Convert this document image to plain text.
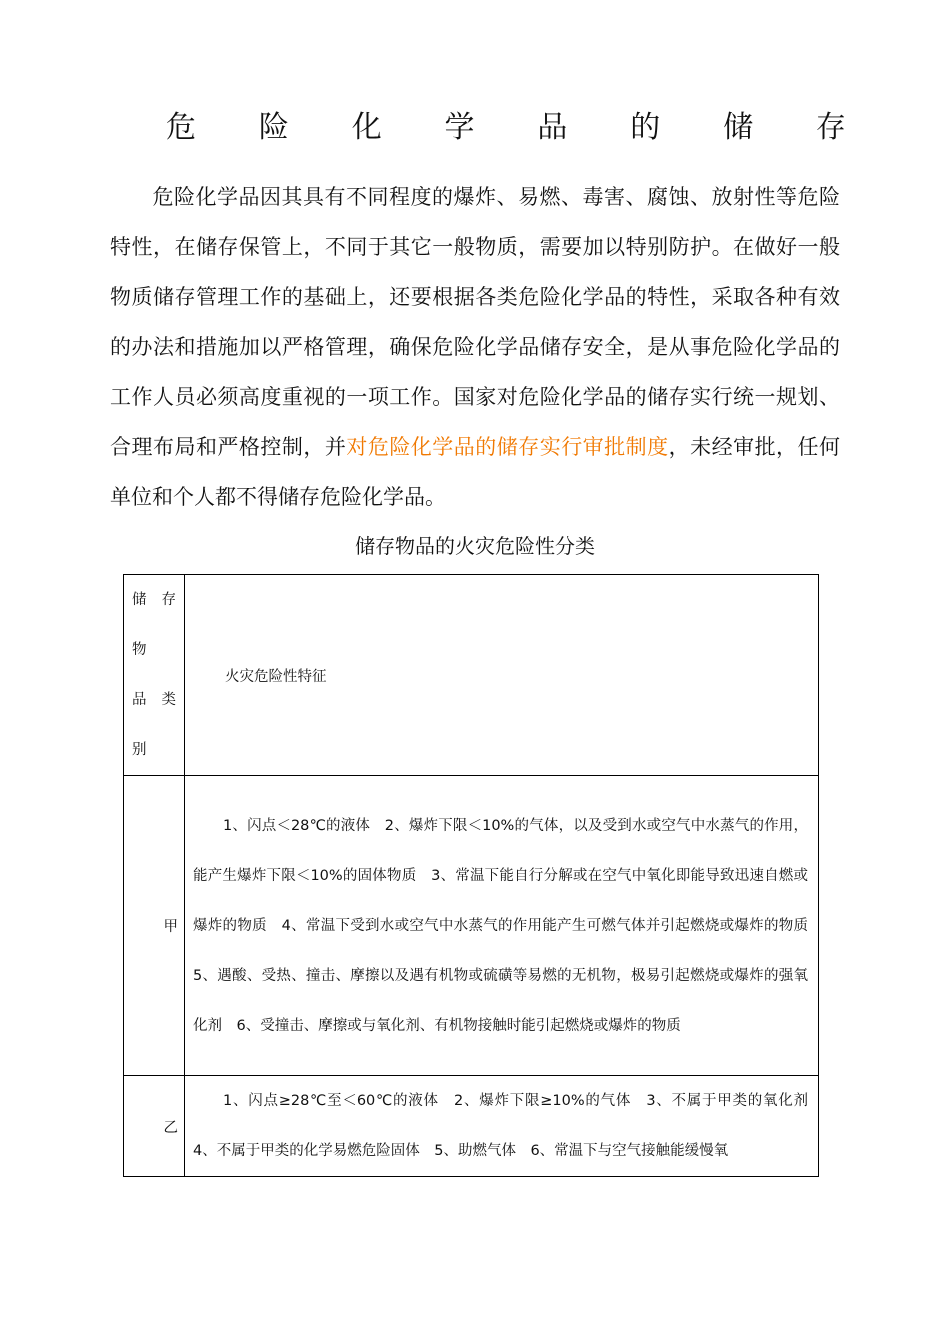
危 险 化 学 品 的 储 存
危险化学品因其具有不同程度的爆炸、易燃、毒害、腐蚀、放射性等危险特性，在储存保管上，不同于其它一般物质，需要加以特别防护。在做好一般物质储存管理工作的基础上，还要根据各类危险化学品的特性，采取各种有效的办法和措施加以严格管理，确保危险化学品储存安全，是从事危险化学品的工作人员必须高度重视的一项工作。国家对危险化学品的储存实行统一规划、合理布局和严格控制，并对危险化学品的储存实行审批制度，未经审批，任何单位和个人都不得储存危险化学品。
储存物品的火灾危险性分类
储 存
物
品 类
别	火灾危险性特征
甲	1、闪点＜28℃的液体　2、爆炸下限＜10%的气体，以及受到水或空气中水蒸气的作用，能产生爆炸下限＜10%的固体物质　3、常温下能自行分解或在空气中氧化即能导致迅速自燃或爆炸的物质　4、常温下受到水或空气中水蒸气的作用能产生可燃气体并引起燃烧或爆炸的物质　 5、遇酸、受热、撞击、摩擦以及遇有机物或硫磺等易燃的无机物，极易引起燃烧或爆炸的强氧化剂　6、受撞击、摩擦或与氧化剂、有机物接触时能引起燃烧或爆炸的物质
乙	1、闪点≥28℃至＜60℃的液体　2、爆炸下限≥10%的气体　3、不属于甲类的氧化剂 4、不属于甲类的化学易燃危险固体　5、助燃气体　6、常温下与空气接触能缓慢氧
